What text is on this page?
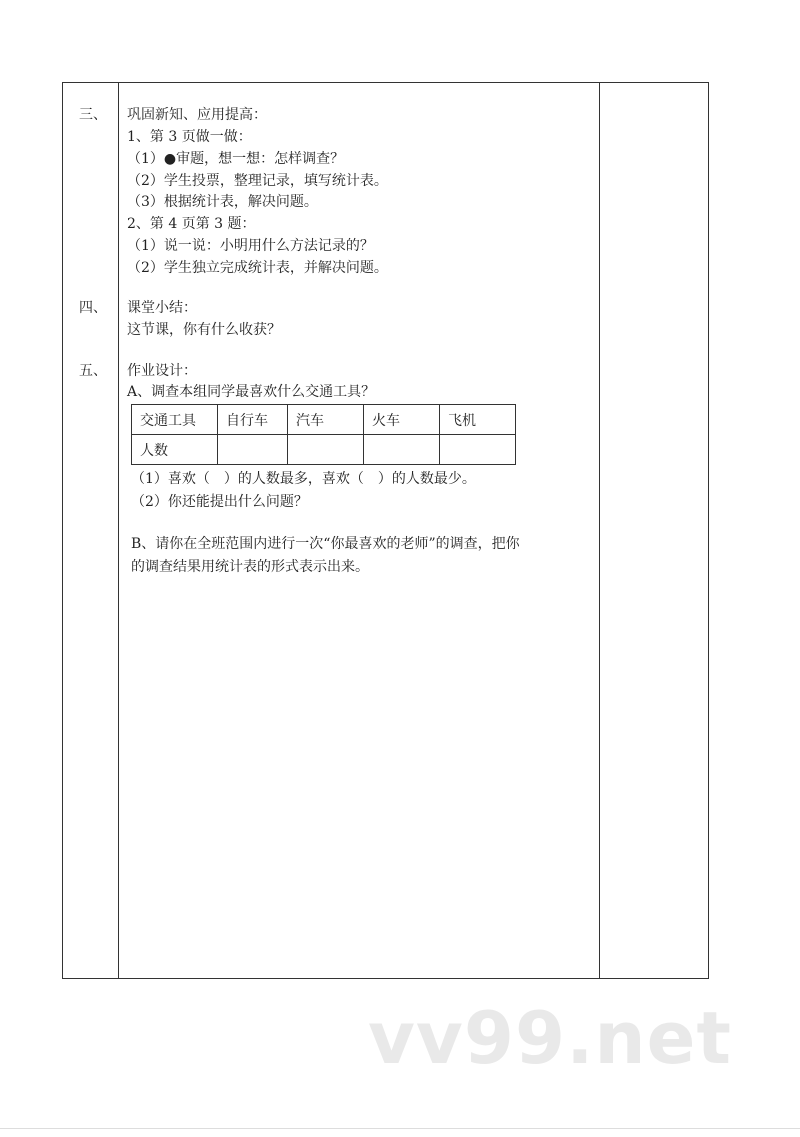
三、 巩固新知、应用提高：
1、第 3 页做一做：
（1）●审题，想一想：怎样调查？
（2）学生投票，整理记录，填写统计表。
（3）根据统计表，解决问题。
2、第 4 页第 3 题：
（1）说一说：小明用什么方法记录的？
（2）学生独立完成统计表，并解决问题。
四、 课堂小结：
这节课，你有什么收获？
五、 作业设计：
A、调查本组同学最喜欢什么交通工具？
交通工具	自行车	汽车	火车	飞机
人数				
（1）喜欢（　）的人数最多，喜欢（　）的人数最少。
（2）你还能提出什么问题？
B、请你在全班范围内进行一次“你最喜欢的老师”的调查，把你
的调查结果用统计表的形式表示出来。
vv99.net
